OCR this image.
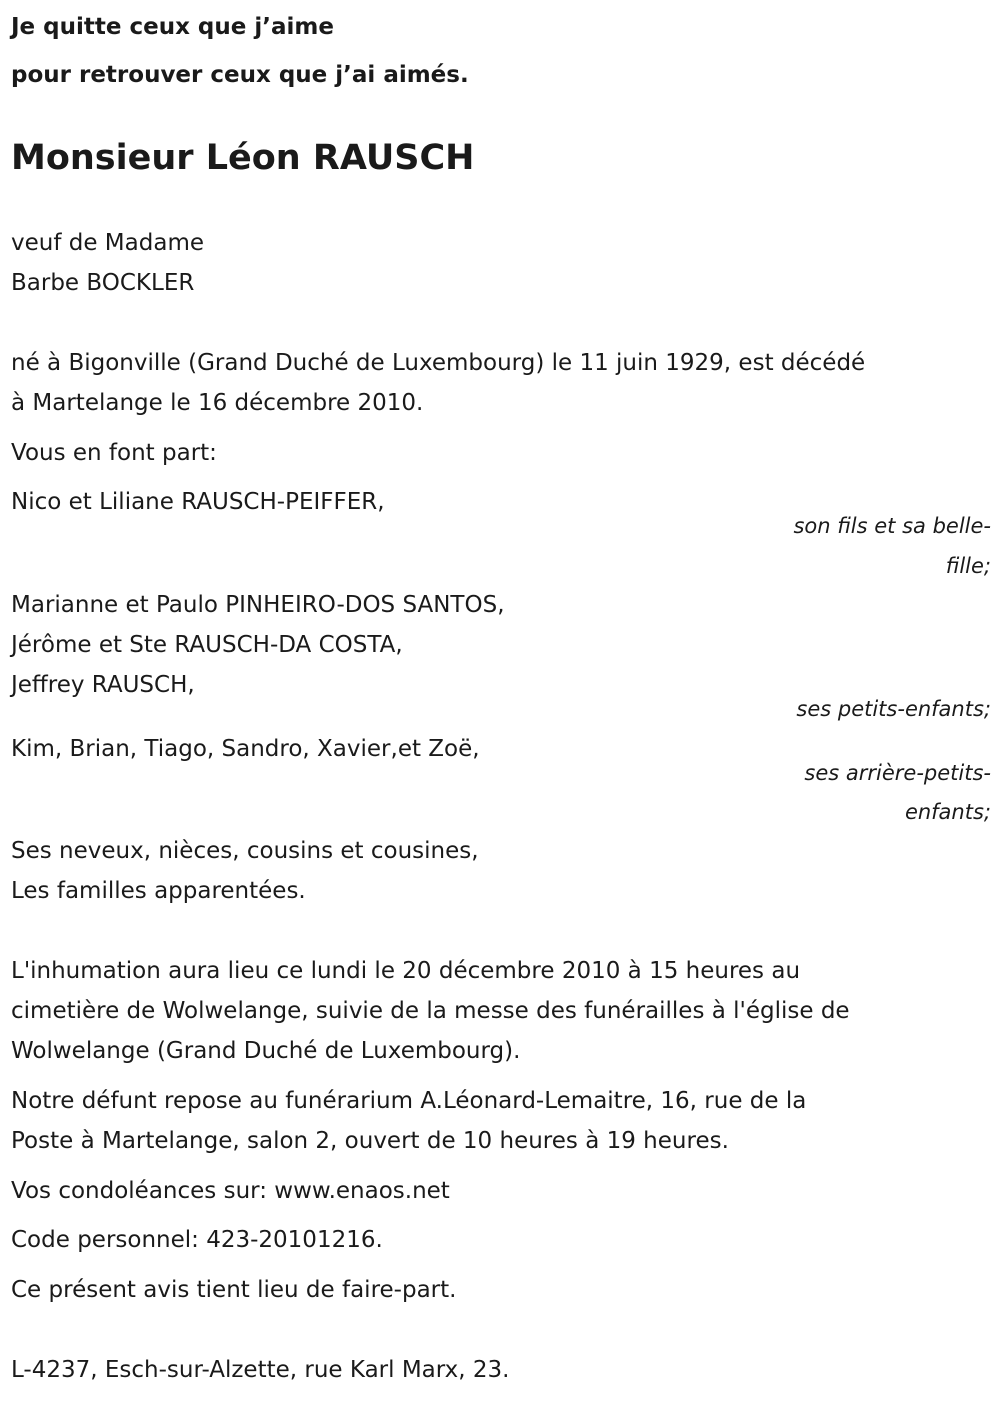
Je quitte ceux que j’aime

pour retrouver ceux que j’ai aimés.

Monsieur Léon RAUSCH

veuf de Madame

Barbe BOCKLER

né à Bigonville (Grand Duché de Luxembourg) le 11 juin 1929, est décédé

à Martelange le 16 décembre 2010.

Vous en font part:

Nico et Liliane RAUSCH-PEIFFER,

son fils et sa belle-

fille;

Marianne et Paulo PINHEIRO-DOS SANTOS,

Jérôme et Ste RAUSCH-DA COSTA,

Jeffrey RAUSCH,

ses petits-enfants;

Kim, Brian, Tiago, Sandro, Xavier,et Zoë,

ses arrière-petits-

enfants;

Ses neveux, nièces, cousins et cousines,

Les familles apparentées.

L'inhumation aura lieu ce lundi le 20 décembre 2010 à 15 heures au

cimetière de Wolwelange, suivie de la messe des funérailles à l'église de

Wolwelange (Grand Duché de Luxembourg).

Notre défunt repose au funérarium A.Léonard-Lemaitre, 16, rue de la

Poste à Martelange, salon 2, ouvert de 10 heures à 19 heures.

Vos condoléances sur: www.enaos.net

Code personnel: 423-20101216.

Ce présent avis tient lieu de faire-part.

L-4237, Esch-sur-Alzette, rue Karl Marx, 23.
